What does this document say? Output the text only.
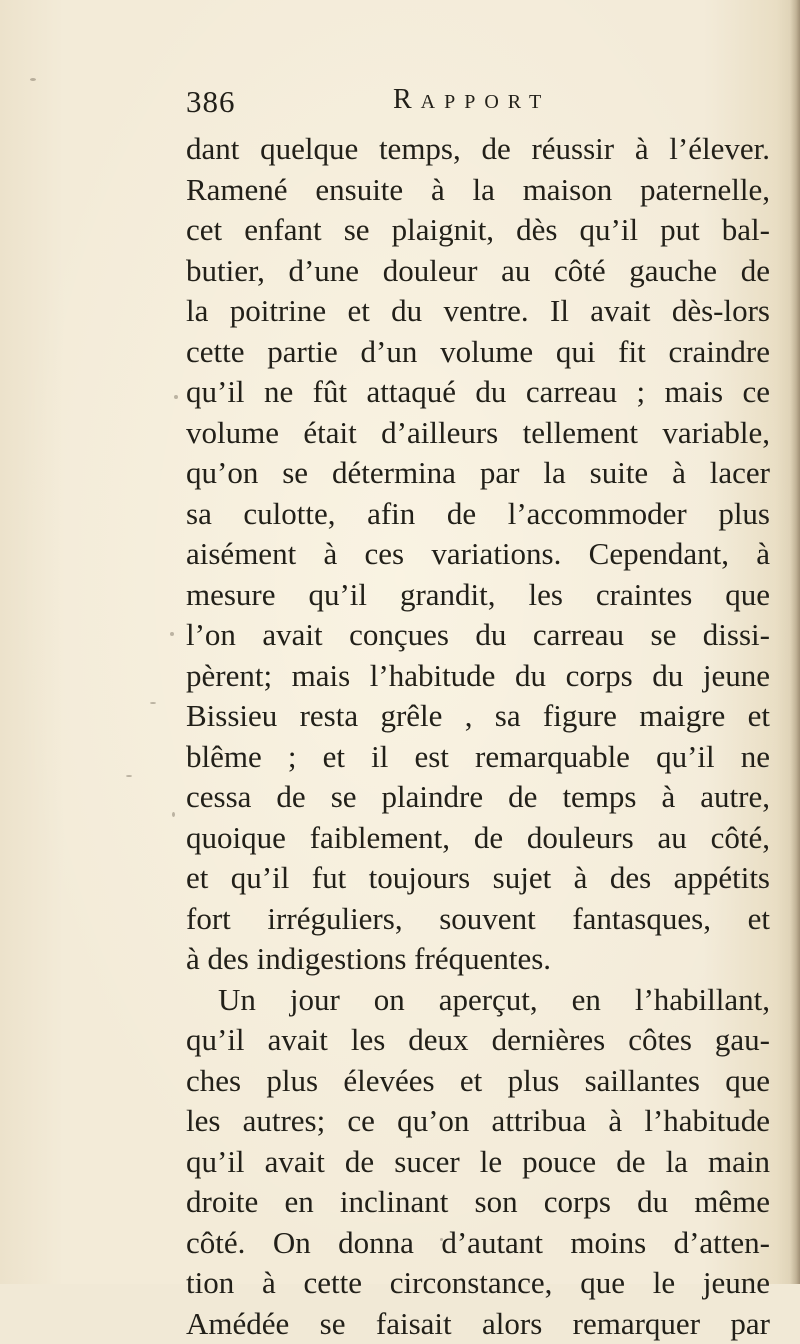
386	Rapport
dant quelque temps, de réussir à l’élever.
Ramené ensuite à la maison paternelle,
cet enfant se plaignit, dès qu’il put bal-
butier, d’une douleur au côté gauche de
la poitrine et du ventre. Il avait dès-lors
cette partie d’un volume qui fit craindre
qu’il ne fût attaqué du carreau ; mais ce
volume était d’ailleurs tellement variable,
qu’on se détermina par la suite à lacer
sa culotte, afin de l’accommoder plus
aisément à ces variations. Cependant, à
mesure qu’il grandit, les craintes que
l’on avait conçues du carreau se dissi-
pèrent; mais l’habitude du corps du jeune
Bissieu resta grêle , sa figure maigre et
blême ; et il est remarquable qu’il ne
cessa de se plaindre de temps à autre,
quoique faiblement, de douleurs au côté,
et qu’il fut toujours sujet à des appétits
fort irréguliers, souvent fantasques, et
à des indigestions fréquentes.
Un jour on aperçut, en l’habillant,
qu’il avait les deux dernières côtes gau-
ches plus élevées et plus saillantes que
les autres; ce qu’on attribua à l’habitude
qu’il avait de sucer le pouce de la main
droite en inclinant son corps du même
côté. On donna d’autant moins d’atten-
tion à cette circonstance, que le jeune
Amédée se faisait alors remarquer par
